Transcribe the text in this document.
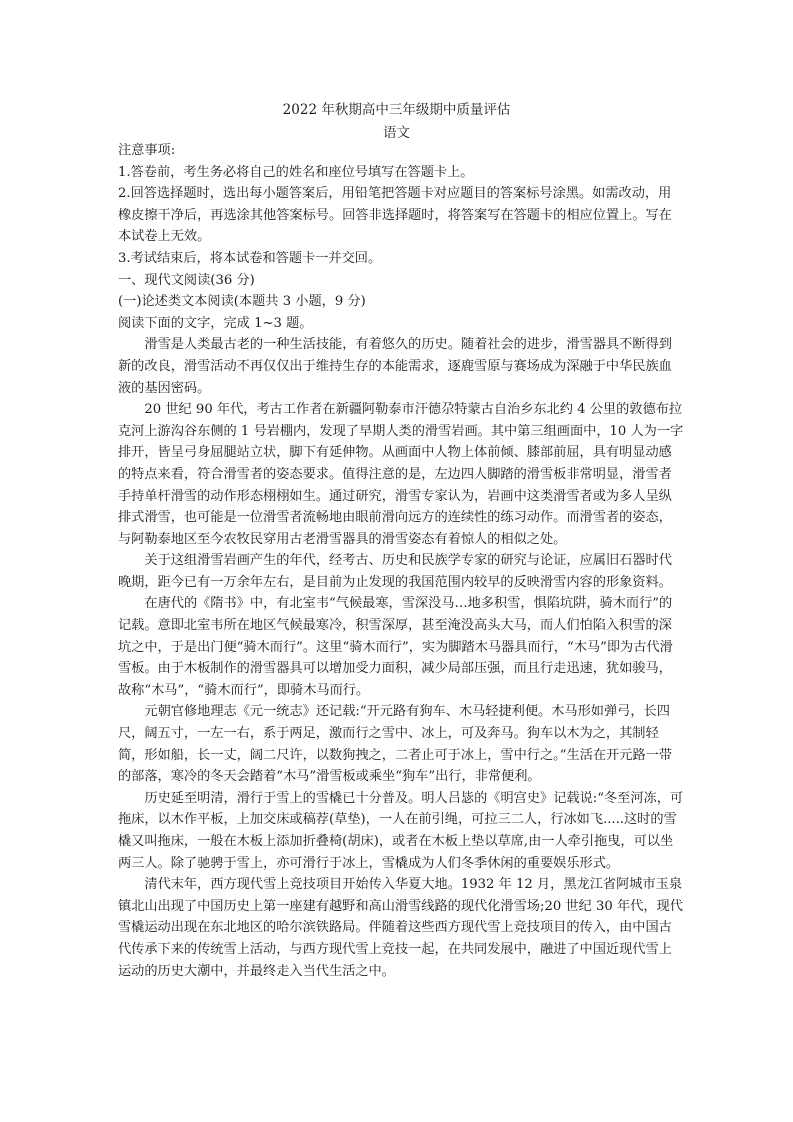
2022 年秋期高中三年级期中质量评估
语文

注意事项:

1.答卷前，考生务必将自己的姓名和座位号填写在答题卡上。

2.回答选择题时，选出每小题答案后，用铅笔把答题卡对应题目的答案标号涂黑。如需改动，用橡皮擦干净后，再选涂其他答案标号。回答非选择题时，将答案写在答题卡的相应位置上。写在本试卷上无效。

3.考试结束后，将本试卷和答题卡一并交回。

一、现代文阅读(36 分)

(一)论述类文本阅读(本题共 3 小题，9 分)

阅读下面的文字，完成 1~3 题。

滑雪是人类最古老的一种生活技能，有着悠久的历史。随着社会的进步，滑雪器具不断得到新的改良，滑雪活动不再仅仅出于维持生存的本能需求，逐鹿雪原与赛场成为深融于中华民族血液的基因密码。

20 世纪 90 年代，考古工作者在新疆阿勒泰市汗德尕特蒙古自治乡东北约 4 公里的敦德布拉克河上游沟谷东侧的 1 号岩棚内，发现了早期人类的滑雪岩画。其中第三组画面中，10 人为一字排开，皆呈弓身屈腿站立状，脚下有延伸物。从画面中人物上体前倾、膝部前屈，具有明显动感的特点来看，符合滑雪者的姿态要求。值得注意的是，左边四人脚踏的滑雪板非常明显，滑雪者手持单杆滑雪的动作形态栩栩如生。通过研究，滑雪专家认为，岩画中这类滑雪者或为多人呈纵排式滑雪，也可能是一位滑雪者流畅地由眼前滑向远方的连续性的练习动作。而滑雪者的姿态，与阿勒泰地区至今农牧民穿用古老滑雪器具的滑雪姿态有着惊人的相似之处。

关于这组滑雪岩画产生的年代，经考古、历史和民族学专家的研究与论证，应属旧石器时代晚期，距今已有一万余年左右，是目前为止发现的我国范围内较早的反映滑雪内容的形象资料。

在唐代的《隋书》中，有北室韦“气候最寒，雪深没马…地多积雪，惧陷坑阱，骑木而行”的记载。意即北室韦所在地区气候最寒冷，积雪深厚，甚至淹没高头大马，而人们怕陷入积雪的深坑之中，于是出门便“骑木而行”。这里“骑木而行”，实为脚踏木马器具而行，“木马”即为古代滑雪板。由于木板制作的滑雪器具可以增加受力面积，减少局部压强，而且行走迅速，犹如骏马，故称“木马”，“骑木而行”，即骑木马而行。

元朝官修地理志《元一统志》还记载:“开元路有狗车、木马轻捷利便。木马形如弹弓，长四尺，阔五寸，一左一右，系于两足，激而行之雪中、冰上，可及奔马。狗车以木为之，其制轻简，形如船，长一丈，阔二尺许，以数狗拽之，二者止可于冰上，雪中行之。”生活在开元路一带的部落，寒冷的冬天会踏着“木马”滑雪板或乘坐“狗车”出行，非常便利。

历史延至明清，滑行于雪上的雪橇已十分普及。明人吕毖的《明宫史》记载说:“冬至河冻，可拖床，以木作平板，上加交床或稿荐(草垫)，一人在前引绳，可拉三二人，行冰如飞.....这时的雪橇又叫拖床，一般在木板上添加折叠椅(胡床)，或者在木板上垫以草席,由一人牵引拖曳，可以坐两三人。除了驰骋于雪上，亦可滑行于冰上，雪橇成为人们冬季休闲的重要娱乐形式。

清代末年，西方现代雪上竞技项目开始传入华夏大地。1932 年 12 月，黑龙江省阿城市玉泉镇北山出现了中国历史上第一座建有越野和高山滑雪线路的现代化滑雪场;20 世纪 30 年代，现代雪橇运动出现在东北地区的哈尔滨铁路局。伴随着这些西方现代雪上竞技项目的传入，由中国古代传承下来的传统雪上活动，与西方现代雪上竞技一起，在共同发展中，融进了中国近现代雪上运动的历史大潮中，并最终走入当代生活之中。
